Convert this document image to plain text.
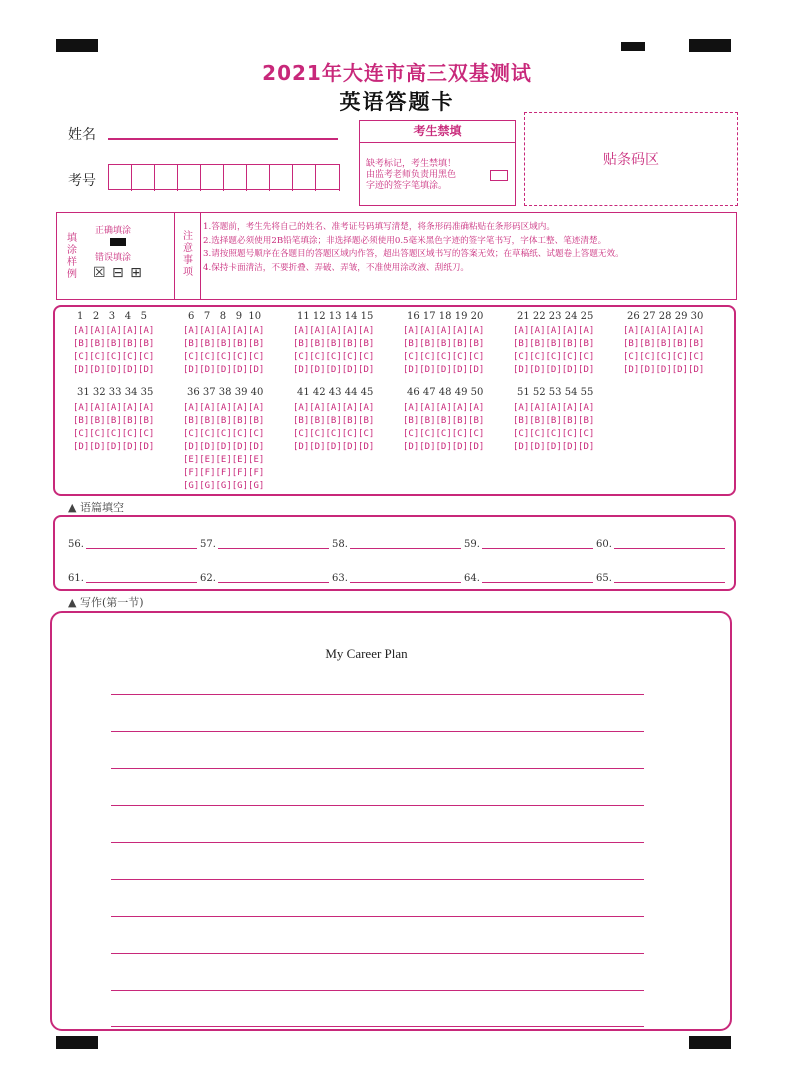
2021年大连市高三双基测试
英语答题卡
姓名
考号
考生禁填
缺考标记，考生禁填！
由监考老师负责用黑色
字迹的签字笔填涂。
贴条码区
填
涂
样
例
正确填涂
错误填涂
☒ ⊟ ⊞
注
意
事
项
1.答题前，考生先将自己的姓名、准考证号码填写清楚，将条形码准确粘贴在条形码区域内。
2.选择题必须使用2B铅笔填涂；非选择题必须使用0.5毫米黑色字迹的签字笔书写，字体工整、笔迹清楚。
3.请按照题号顺序在各题目的答题区域内作答，超出答题区域书写的答案无效；在草稿纸、试题卷上答题无效。
4.保持卡面清洁，不要折叠、弄破、弄皱，不准使用涂改液、刮纸刀。
1   2   3   4   5
[A][A][A][A][A]
[B][B][B][B][B]
[C][C][C][C][C]
[D][D][D][D][D]
6   7   8   9  10
[A][A][A][A][A]
[B][B][B][B][B]
[C][C][C][C][C]
[D][D][D][D][D]
11 12 13 14 15
[A][A][A][A][A]
[B][B][B][B][B]
[C][C][C][C][C]
[D][D][D][D][D]
16 17 18 19 20
[A][A][A][A][A]
[B][B][B][B][B]
[C][C][C][C][C]
[D][D][D][D][D]
21 22 23 24 25
[A][A][A][A][A]
[B][B][B][B][B]
[C][C][C][C][C]
[D][D][D][D][D]
26 27 28 29 30
[A][A][A][A][A]
[B][B][B][B][B]
[C][C][C][C][C]
[D][D][D][D][D]
31 32 33 34 35
[A][A][A][A][A]
[B][B][B][B][B]
[C][C][C][C][C]
[D][D][D][D][D]
36 37 38 39 40
[A][A][A][A][A]
[B][B][B][B][B]
[C][C][C][C][C]
[D][D][D][D][D]
[E][E][E][E][E]
[F][F][F][F][F]
[G][G][G][G][G]
41 42 43 44 45
[A][A][A][A][A]
[B][B][B][B][B]
[C][C][C][C][C]
[D][D][D][D][D]
46 47 48 49 50
[A][A][A][A][A]
[B][B][B][B][B]
[C][C][C][C][C]
[D][D][D][D][D]
51 52 53 54 55
[A][A][A][A][A]
[B][B][B][B][B]
[C][C][C][C][C]
[D][D][D][D][D]
▲ 语篇填空
56.	57.	58.	59.	60.
61.	62.	63.	64.	65.
▲ 写作(第一节)
My Career Plan
